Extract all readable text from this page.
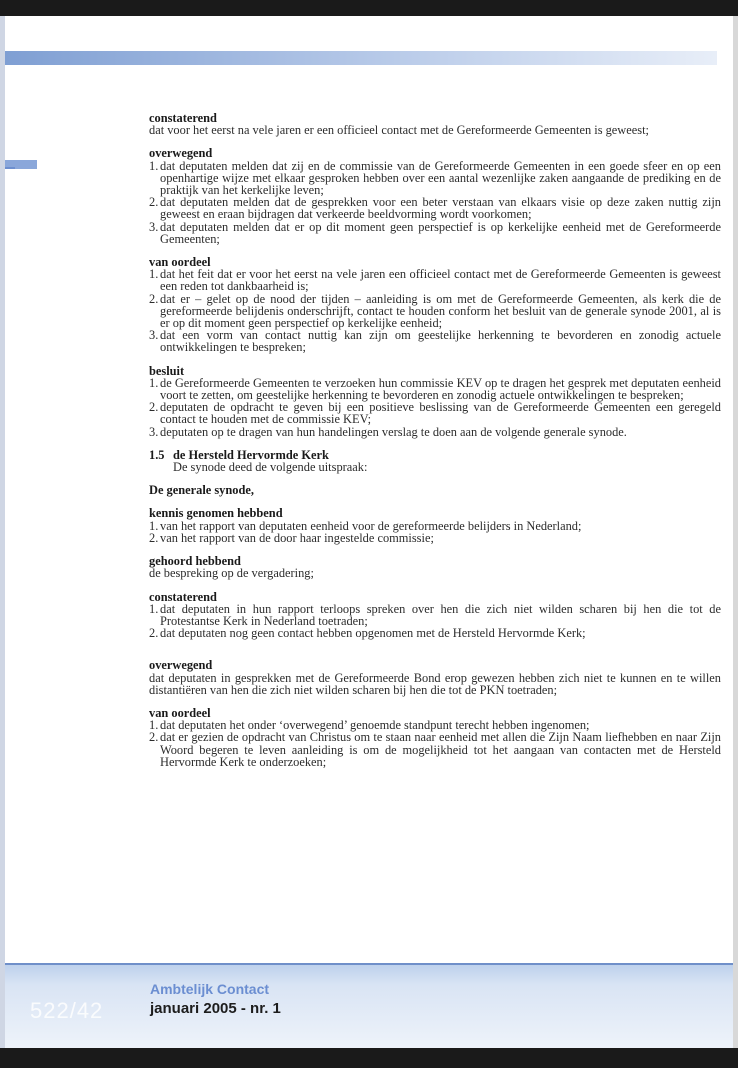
constaterend
dat voor het eerst na vele jaren er een officieel contact met de Gereformeerde Gemeenten is geweest;
overwegend
1. dat deputaten melden dat zij en de commissie van de Gereformeerde Gemeenten in een goede sfeer en op een openhartige wijze met elkaar gesproken hebben over een aantal wezenlijke zaken aangaande de prediking en de praktijk van het kerkelijke leven;
2. dat deputaten melden dat de gesprekken voor een beter verstaan van elkaars visie op deze zaken nuttig zijn geweest en eraan bijdragen dat verkeerde beeldvorming wordt voorkomen;
3. dat deputaten melden dat er op dit moment geen perspectief is op kerkelijke eenheid met de Gereformeerde Gemeenten;
van oordeel
1. dat het feit dat er voor het eerst na vele jaren een officieel contact met de Gereformeerde Gemeenten is geweest een reden tot dankbaarheid is;
2. dat er – gelet op de nood der tijden – aanleiding is om met de Gereformeerde Gemeenten, als kerk die de gereformeerde belijdenis onderschrijft, contact te houden conform het besluit van de generale synode 2001, al is er op dit moment geen perspectief op kerkelijke eenheid;
3. dat een vorm van contact nuttig kan zijn om geestelijke herkenning te bevorderen en zonodig actuele ontwikkelingen te bespreken;
besluit
1. de Gereformeerde Gemeenten te verzoeken hun commissie KEV op te dragen het gesprek met deputaten eenheid voort te zetten, om geestelijke herkenning te bevorderen en zonodig actuele ontwikkelingen te bespreken;
2. deputaten de opdracht te geven bij een positieve beslissing van de Gereformeerde Gemeenten een geregeld contact te houden met de commissie KEV;
3. deputaten op te dragen van hun handelingen verslag te doen aan de volgende generale synode.
1.5 de Hersteld Hervormde Kerk
De synode deed de volgende uitspraak:
De generale synode,
kennis genomen hebbend
1. van het rapport van deputaten eenheid voor de gereformeerde belijders in Nederland;
2. van het rapport van de door haar ingestelde commissie;
gehoord hebbend
de bespreking op de vergadering;
constaterend
1. dat deputaten in hun rapport terloops spreken over hen die zich niet wilden scharen bij hen die tot de Protestantse Kerk in Nederland toetraden;
2. dat deputaten nog geen contact hebben opgenomen met de Hersteld Hervormde Kerk;
overwegend
dat deputaten in gesprekken met de Gereformeerde Bond erop gewezen hebben zich niet te kunnen en te willen distantiëren van hen die zich niet wilden scharen bij hen die tot de PKN toetraden;
van oordeel
1. dat deputaten het onder ‘overwegend’ genoemde standpunt terecht hebben ingenomen;
2. dat er gezien de opdracht van Christus om te staan naar eenheid met allen die Zijn Naam liefhebben en naar Zijn Woord begeren te leven aanleiding is om de mogelijkheid tot het aangaan van contacten met de Hersteld Hervormde Kerk te onderzoeken;
522/42
Ambtelijk Contact
januari 2005 - nr. 1
